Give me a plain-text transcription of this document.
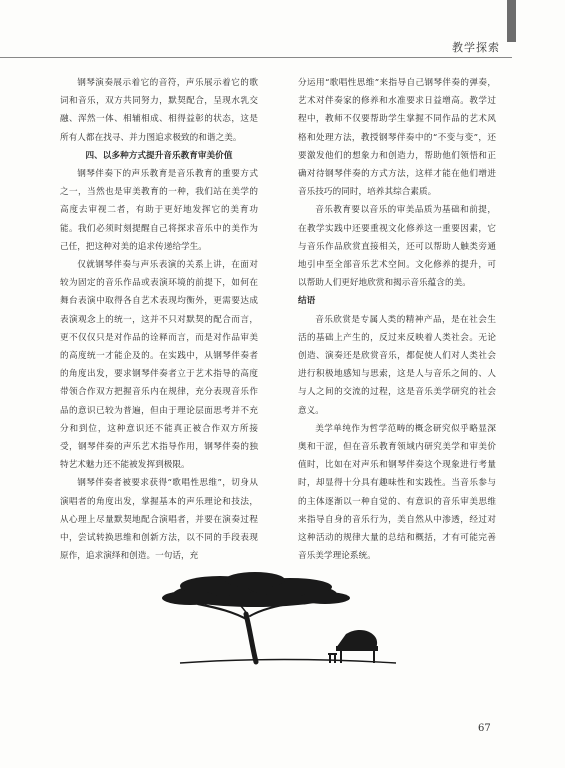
教学探索

钢琴演奏展示着它的音符，声乐展示着它的歌词和音乐，双方共同努力，默契配合，呈现水乳交融、浑然一体、相辅相成、相得益彰的状态，这是所有人都在找寻、并力图追求极致的和谐之美。

四、以多种方式提升音乐教育审美价值

钢琴伴奏下的声乐教育是音乐教育的重要方式之一，当然也是审美教育的一种，我们站在美学的高度去审视二者，有助于更好地发挥它的美育功能。我们必须时刻提醒自己将探求音乐中的美作为己任，把这种对美的追求传递给学生。

仅就钢琴伴奏与声乐表演的关系上讲，在面对较为固定的音乐作品或表演环境的前提下，如何在舞台表演中取得各自艺术表现均衡外，更需要达成表演观念上的统一，这并不只对默契的配合而言，更不仅仅只是对作品的诠释而言，而是对作品审美的高度统一才能企及的。在实践中，从钢琴伴奏者的角度出发，要求钢琴伴奏者立于艺术指导的高度带领合作双方把握音乐内在规律，充分表现音乐作品的意识已较为普遍，但由于理论层面思考并不充分和到位，这种意识还不能真正被合作双方所接受，钢琴伴奏的声乐艺术指导作用，钢琴伴奏的独特艺术魅力还不能被发挥到极限。

钢琴伴奏者被要求获得“歌唱性思维”，切身从演唱者的角度出发，掌握基本的声乐理论和技法，从心理上尽量默契地配合演唱者，并要在演奏过程中，尝试转换思维和创新方法，以不同的手段表现原作，追求演绎和创造。一句话，充

分运用“歌唱性思维”来指导自己钢琴伴奏的弹奏，艺术对伴奏家的修养和水准要求日益增高。教学过程中，教师不仅要帮助学生掌握不同作品的艺术风格和处理方法，教授钢琴伴奏中的“不变与变”，还要激发他们的想象力和创造力，帮助他们领悟和正确对待钢琴伴奏的方式方法，这样才能在他们增进音乐技巧的同时，培养其综合素质。

音乐教育要以音乐的审美品质为基础和前提，在教学实践中还要重视文化修养这一重要因素，它与音乐作品欣赏直接相关，还可以帮助人触类旁通地引申至全部音乐艺术空间。文化修养的提升，可以帮助人们更好地欣赏和揭示音乐蕴含的美。

结语

音乐欣赏是专属人类的精神产品，是在社会生活的基础上产生的，反过来反映着人类社会。无论创造、演奏还是欣赏音乐，都促使人们对人类社会进行积极地感知与思索，这是人与音乐之间的、人与人之间的交流的过程，这是音乐美学研究的社会意义。

美学单纯作为哲学范畴的概念研究似乎略显深奥和干涩，但在音乐教育领域内研究美学和审美价值时，比如在对声乐和钢琴伴奏这个现象进行考量时，却显得十分具有趣味性和实践性。当音乐参与的主体逐渐以一种自觉的、有意识的音乐审美思维来指导自身的音乐行为，美自然从中渗透，经过对这种活动的规律大量的总结和概括，才有可能完善音乐美学理论系统。

67
